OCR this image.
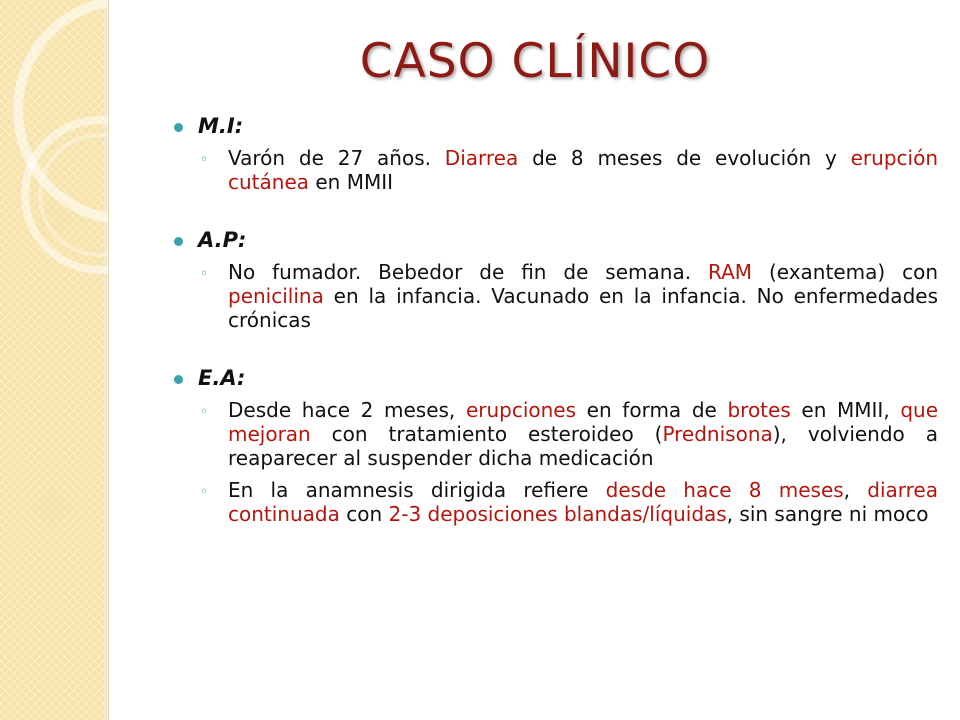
CASO CLÍNICO
M.I:
◦ Varón de 27 años. Diarrea de 8 meses de evolución y erupción cutánea en MMII
A.P:
◦ No fumador. Bebedor de fin de semana. RAM (exantema) con penicilina en la infancia. Vacunado en la infancia. No enfermedades crónicas
E.A:
◦ Desde hace 2 meses, erupciones en forma de brotes en MMII, que mejoran con tratamiento esteroideo (Prednisona), volviendo a reaparecer al suspender dicha medicación
◦ En la anamnesis dirigida refiere desde hace 8 meses, diarrea continuada con 2-3 deposiciones blandas/líquidas, sin sangre ni moco
